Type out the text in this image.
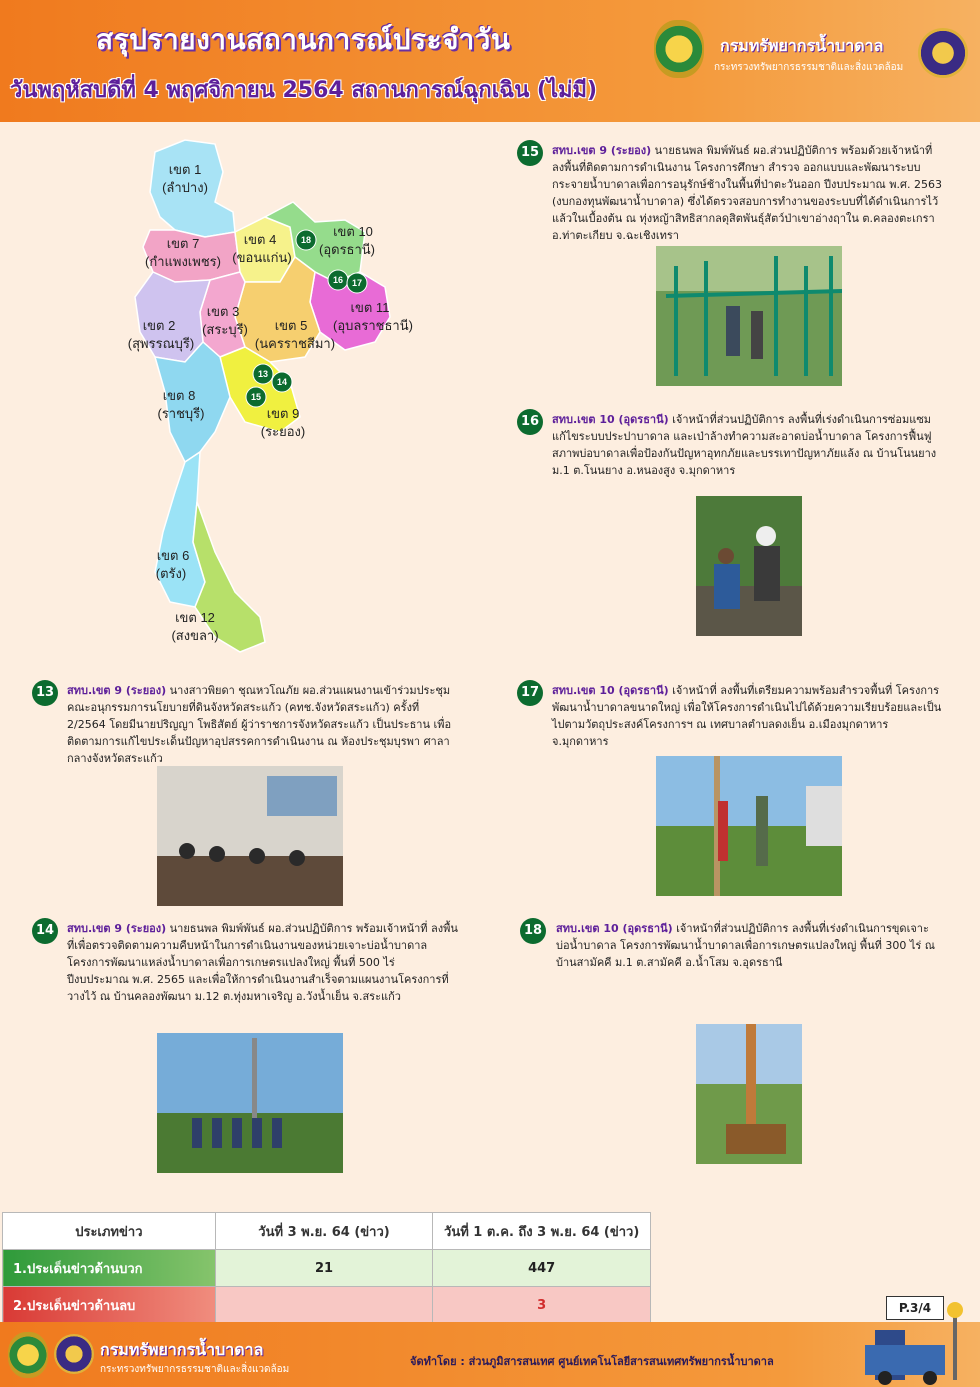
สรุปรายงานสถานการณ์ประจำวัน
วันพฤหัสบดีที่ 4 พฤศจิกายน 2564 สถานการณ์ฉุกเฉิน (ไม่มี)
กรมทรัพยากรน้ำบาดาล
กระทรวงทรัพยากรธรรมชาติและสิ่งแวดล้อม
เขต 1
(ลำปาง)
เขต 7
(กำแพงเพชร)
เขต 4
(ขอนแก่น)
เขต 10
(อุดรธานี)
เขต 11
(อุบลราชธานี)
เขต 3
(สระบุรี)
เขต 2
(สุพรรณบุรี)
เขต 5
(นครราชสีมา)
เขต 8
(ราชบุรี)	เขต 9
(ระยอง)
เขต 6
(ตรัง)
เขต 12
(สงขลา)
18
16 17
13
14
15
15	สทบ.เขต 9 (ระยอง) นายธนพล พิมพ์พันธ์ ผอ.ส่วนปฏิบัติการ พร้อมด้วยเจ้าหน้าที่ ลงพื้นที่ติดตามการดำเนินงาน โครงการศึกษา สำรวจ ออกแบบและพัฒนาระบบกระจายน้ำบาดาลเพื่อการอนุรักษ์ช้างในพื้นที่ป่าตะวันออก ปีงบประมาณ พ.ศ. 2563 (งบกองทุนพัฒนาน้ำบาดาล) ซึ่งได้ตรวจสอบการทำงานของระบบที่ได้ดำเนินการไว้แล้วในเบื้องต้น ณ ทุ่งหญ้าสิทธิสากลดุสิตพันธุ์สัตว์ป่าเขาอ่างฤาใน ต.คลองตะเกรา อ.ท่าตะเกียบ จ.ฉะเชิงเทรา
16	สทบ.เขต 10 (อุดรธานี) เจ้าหน้าที่ส่วนปฏิบัติการ ลงพื้นที่เร่งดำเนินการซ่อมแซม แก้ไขระบบประปาบาดาล และเป่าล้างทำความสะอาดบ่อน้ำบาดาล โครงการฟื้นฟูสภาพบ่อบาดาลเพื่อป้องกันปัญหาอุทกภัยและบรรเทาปัญหาภัยแล้ง ณ บ้านโนนยาง ม.1 ต.โนนยาง อ.หนองสูง จ.มุกดาหาร
13	สทบ.เขต 9 (ระยอง) นางสาวพิยดา ชุณหวโณภัย ผอ.ส่วนแผนงานเข้าร่วมประชุมคณะอนุกรรมการนโยบายที่ดินจังหวัดสระแก้ว (คทช.จังหวัดสระแก้ว) ครั้งที่ 2/2564 โดยมีนายปริญญา โพธิสัตย์ ผู้ว่าราชการจังหวัดสระแก้ว เป็นประธาน เพื่อติดตามการแก้ไขประเด็นปัญหาอุปสรรคการดำเนินงาน ณ ห้องประชุมบุรพา ศาลากลางจังหวัดสระแก้ว
17	สทบ.เขต 10 (อุดรธานี) เจ้าหน้าที่ ลงพื้นที่เตรียมความพร้อมสำรวจพื้นที่ โครงการพัฒนาน้ำบาดาลขนาดใหญ่ เพื่อให้โครงการดำเนินไปได้ด้วยความเรียบร้อยและเป็นไปตามวัตถุประสงค์โครงการฯ ณ เทศบาลตำบลดงเย็น อ.เมืองมุกดาหาร จ.มุกดาหาร
14	สทบ.เขต 9 (ระยอง) นายธนพล พิมพ์พันธ์ ผอ.ส่วนปฏิบัติการ พร้อมเจ้าหน้าที่ ลงพื้นที่เพื่อตรวจติดตามความคืบหน้าในการดำเนินงานของหน่วยเจาะบ่อน้ำบาดาล โครงการพัฒนาแหล่งน้ำบาดาลเพื่อการเกษตรแปลงใหญ่ พื้นที่ 500 ไร่ ปีงบประมาณ พ.ศ. 2565 และเพื่อให้การดำเนินงานสำเร็จตามแผนงานโครงการที่วางไว้ ณ บ้านคลองพัฒนา ม.12 ต.ทุ่งมหาเจริญ อ.วังน้ำเย็น จ.สระแก้ว
18	สทบ.เขต 10 (อุดรธานี) เจ้าหน้าที่ส่วนปฏิบัติการ ลงพื้นที่เร่งดำเนินการขุดเจาะบ่อน้ำบาดาล โครงการพัฒนาน้ำบาดาลเพื่อการเกษตรแปลงใหญ่ พื้นที่ 300 ไร่ ณ บ้านสามัคคี ม.1 ต.สามัคคี อ.น้ำโสม จ.อุดรธานี
ประเภทข่าว	วันที่ 3 พ.ย. 64 (ข่าว)	วันที่ 1 ต.ค. ถึง 3 พ.ย. 64 (ข่าว)
1.ประเด็นข่าวด้านบวก	21	447
2.ประเด็นข่าวด้านลบ		3	P.3/4
กรมทรัพยากรน้ำบาดาล
กระทรวงทรัพยากรธรรมชาติและสิ่งแวดล้อม
จัดทำโดย : ส่วนภูมิสารสนเทศ ศูนย์เทคโนโลยีสารสนเทศทรัพยากรน้ำบาดาล
